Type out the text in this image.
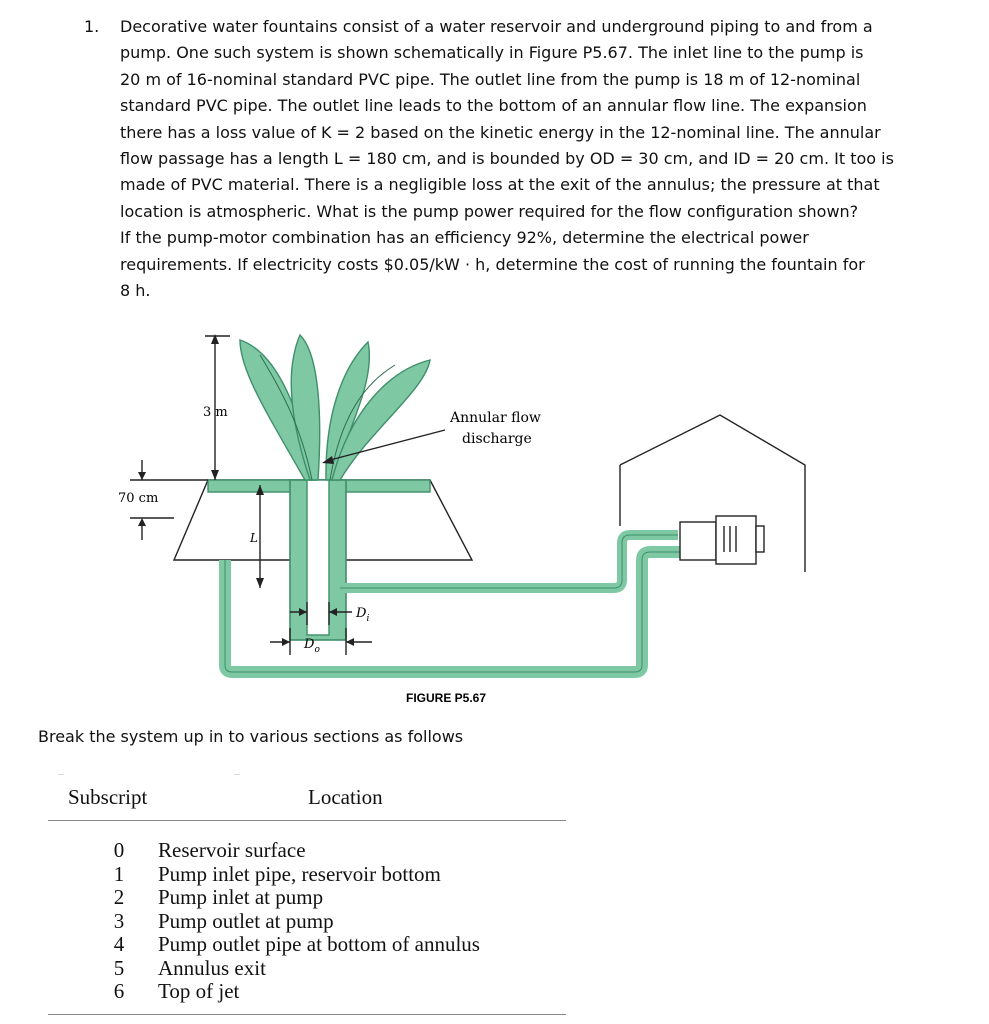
1. Decorative water fountains consist of a water reservoir and underground piping to and from a
pump. One such system is shown schematically in Figure P5.67. The inlet line to the pump is
20 m of 16-nominal standard PVC pipe. The outlet line from the pump is 18 m of 12-nominal
standard PVC pipe. The outlet line leads to the bottom of an annular flow line. The expansion
there has a loss value of K = 2 based on the kinetic energy in the 12-nominal line. The annular
flow passage has a length L = 180 cm, and is bounded by OD = 30 cm, and ID = 20 cm. It too is
made of PVC material. There is a negligible loss at the exit of the annulus; the pressure at that
location is atmospheric. What is the pump power required for the flow configuration shown?
If the pump-motor combination has an efficiency 92%, determine the electrical power
requirements. If electricity costs $0.05/kW · h, determine the cost of running the fountain for
8 h.
3 m
70 cm
L
$D_i$
$D_o$
Annular flow
discharge
FIGURE P5.67
Break the system up in to various sections as follows
Subscript	Location
0	Reservoir surface
1	Pump inlet pipe, reservoir bottom
2	Pump inlet at pump
3	Pump outlet at pump
4	Pump outlet pipe at bottom of annulus
5	Annulus exit
6	Top of jet
